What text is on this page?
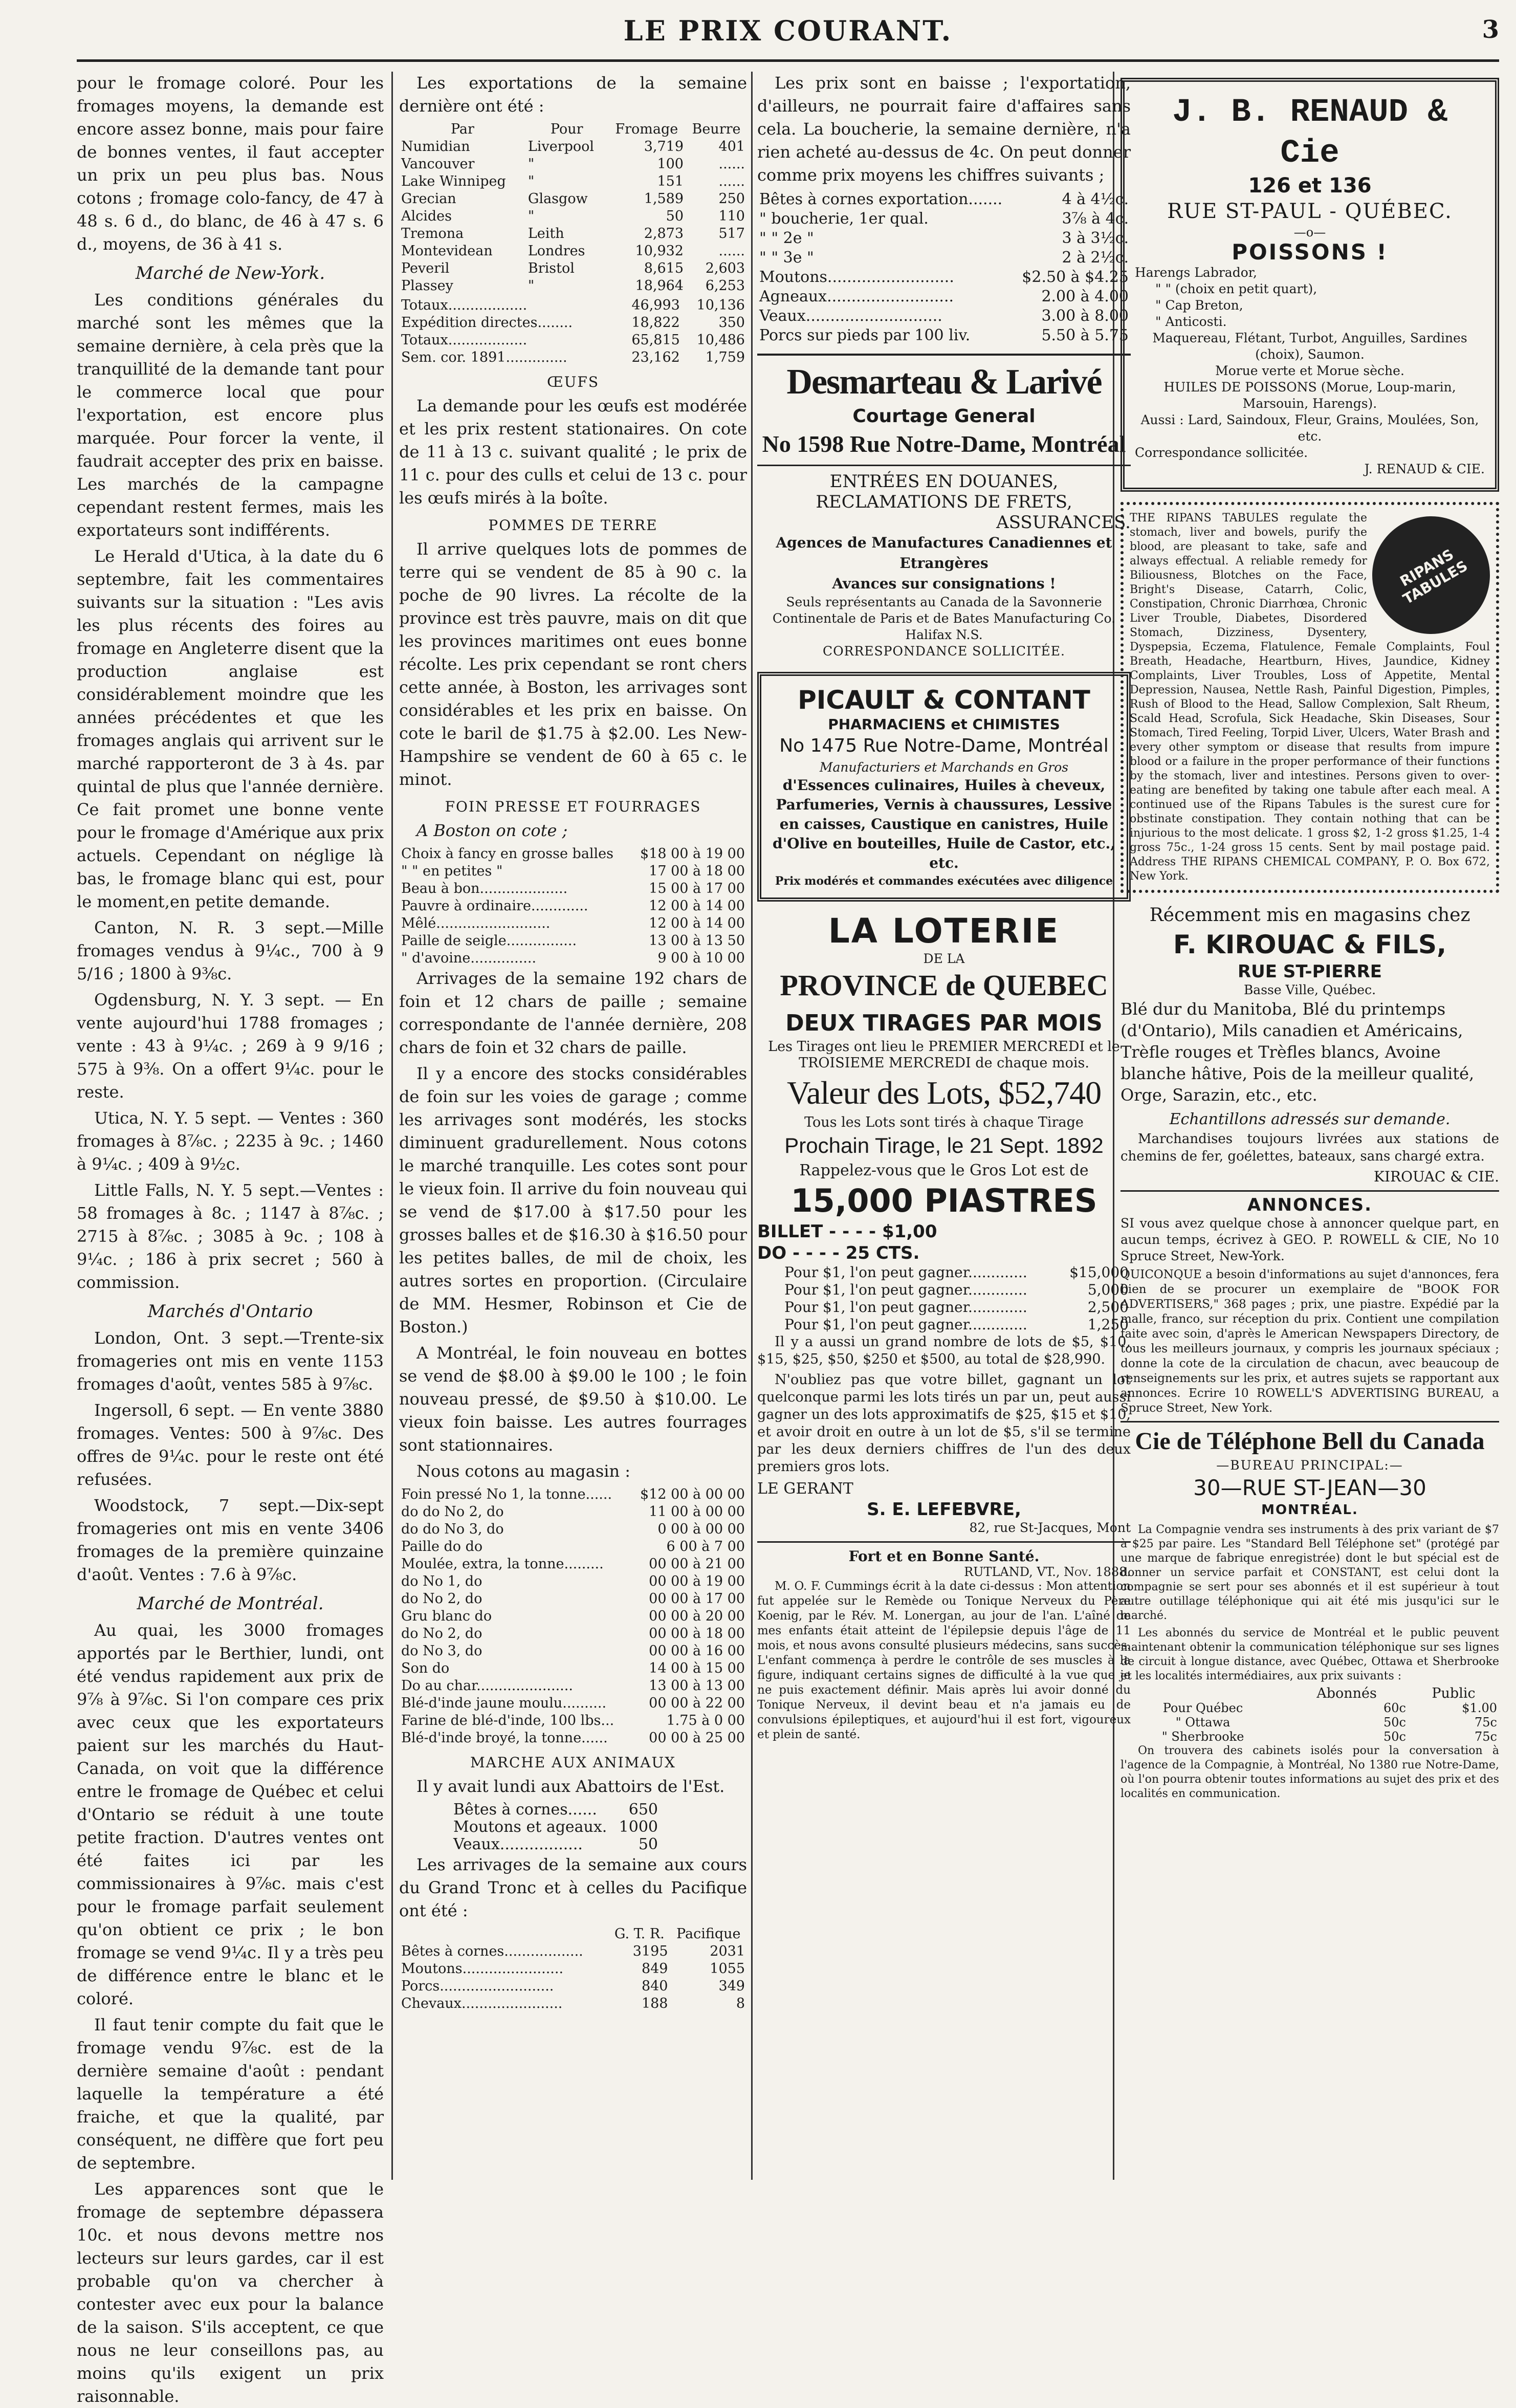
LE PRIX COURANT.	3

pour le fromage coloré. Pour les fromages moyens, la demande est encore assez bonne, mais pour faire de bonnes ventes, il faut accepter un prix un peu plus bas. Nous cotons ; fromage colo-fancy, de 47 à 48 s. 6 d., do blanc, de 46 à 47 s. 6 d., moyens, de 36 à 41 s.

Marché de New-York.

Les conditions générales du marché sont les mêmes que la semaine dernière, à cela près que la tranquillité de la demande tant pour le commerce local que pour l'exportation, est encore plus marquée. Pour forcer la vente, il faudrait accepter des prix en baisse. Les marchés de la campagne cependant restent fermes, mais les exportateurs sont indifférents.

Le Herald d'Utica, à la date du 6 septembre, fait les commentaires suivants sur la situation : "Les avis les plus récents des foires au fromage en Angleterre disent que la production anglaise est considérablement moindre que les années précédentes et que les fromages anglais qui arrivent sur le marché rapporteront de 3 à 4s. par quintal de plus que l'année dernière. Ce fait promet une bonne vente pour le fromage d'Amérique aux prix actuels. Cependant on néglige là bas, le fromage blanc qui est, pour le moment,en petite demande.

Canton, N. R. 3 sept.—Mille fromages vendus à 9¼c., 700 à 9 5/16 ; 1800 à 9⅜c.

Ogdensburg, N. Y. 3 sept. — En vente aujourd'hui 1788 fromages ; vente : 43 à 9¼c. ; 269 à 9 9/16 ; 575 à 9⅜. On a offert 9¼c. pour le reste.

Utica, N. Y. 5 sept. — Ventes : 360 fromages à 8⅞c. ; 2235 à 9c. ; 1460 à 9¼c. ; 409 à 9½c.

Little Falls, N. Y. 5 sept.—Ventes : 58 fromages à 8c. ; 1147 à 8⅞c. ; 2715 à 8⅞c. ; 3085 à 9c. ; 108 à 9¼c. ; 186 à prix secret ; 560 à commission.

Marchés d'Ontario

London, Ont. 3 sept.—Trente-six fromageries ont mis en vente 1153 fromages d'août, ventes 585 à 9⅞c.

Ingersoll, 6 sept. — En vente 3880 fromages. Ventes: 500 à 9⅞c. Des offres de 9¼c. pour le reste ont été refusées.

Woodstock, 7 sept.—Dix-sept fromageries ont mis en vente 3406 fromages de la première quinzaine d'août. Ventes : 7.6 à 9⅞c.

Marché de Montréal.

Au quai, les 3000 fromages apportés par le Berthier, lundi, ont été vendus rapidement aux prix de 9⅞ à 9⅞c. Si l'on compare ces prix avec ceux que les exportateurs paient sur les marchés du Haut-Canada, on voit que la différence entre le fromage de Québec et celui d'Ontario se réduit à une toute petite fraction. D'autres ventes ont été faites ici par les commissionaires à 9⅞c. mais c'est pour le fromage parfait seulement qu'on obtient ce prix ; le bon fromage se vend 9¼c. Il y a très peu de différence entre le blanc et le coloré.

Il faut tenir compte du fait que le fromage vendu 9⅞c. est de la dernière semaine d'août : pendant laquelle la température a été fraiche, et que la qualité, par conséquent, ne diffère que fort peu de septembre.

Les apparences sont que le fromage de septembre dépassera 10c. et nous devons mettre nos lecteurs sur leurs gardes, car il est probable qu'on va chercher à contester avec eux pour la balance de la saison. S'ils acceptent, ce que nous ne leur conseillons pas, au moins qu'ils exigent un prix raisonnable.

Les exportations de la semaine dernière ont été :

Par	Pour	Fromage	Beurre
Numidian	Liverpool	3,719	401
Vancouver	"	100	......
Lake Winnipeg	"	151	......
Grecian	Glasgow	1,589	250
Alcides	"	50	110
Tremona	Leith	2,873	517
Montevidean	Londres	10,932	......
Peveril	Bristol	8,615	2,603
Plassey	"	18,964	6,253
Totaux..................	46,993	10,136
Expédition directes........	18,822	350
Totaux..................	65,815	10,486
Sem. cor. 1891..............	23,162	1,759
ŒUFS

La demande pour les œufs est modérée et les prix restent stationaires. On cote de 11 à 13 c. suivant qualité ; le prix de 11 c. pour des culls et celui de 13 c. pour les œufs mirés à la boîte.

POMMES DE TERRE

Il arrive quelques lots de pommes de terre qui se vendent de 85 à 90 c. la poche de 90 livres. La récolte de la province est très pauvre, mais on dit que les provinces maritimes ont eues bonne récolte. Les prix cependant se ront chers cette année, à Boston, les arrivages sont considérables et les prix en baisse. On cote le baril de $1.75 à $2.00. Les New-Hampshire se vendent de 60 à 65 c. le minot.

FOIN PRESSE ET FOURRAGES

A Boston on cote ;

Choix à fancy en grosse balles	$18 00 à 19 00
" " en petites "	17 00 à 18 00
Beau à bon....................	15 00 à 17 00
Pauvre à ordinaire.............	12 00 à 14 00
Mêlé..........................	12 00 à 14 00
Paille de seigle................	13 00 à 13 50
" d'avoine...............	9 00 à 10 00

Arrivages de la semaine 192 chars de foin et 12 chars de paille ; semaine correspondante de l'année dernière, 208 chars de foin et 32 chars de paille.

Il y a encore des stocks considérables de foin sur les voies de garage ; comme les arrivages sont modérés, les stocks diminuent gradurellement. Nous cotons le marché tranquille. Les cotes sont pour le vieux foin. Il arrive du foin nouveau qui se vend de $17.00 à $17.50 pour les grosses balles et de $16.30 à $16.50 pour les petites balles, de mil de choix, les autres sortes en proportion. (Circulaire de MM. Hesmer, Robinson et Cie de Boston.)

A Montréal, le foin nouveau en bottes se vend de $8.00 à $9.00 le 100 ; le foin nouveau pressé, de $9.50 à $10.00. Le vieux foin baisse. Les autres fourrages sont stationnaires.

Nous cotons au magasin :

Foin pressé No 1, la tonne......	$12 00 à 00 00
do do No 2, do	11 00 à 00 00
do do No 3, do	0 00 à 00 00
Paille do do	6 00 à 7 00
Moulée, extra, la tonne.........	00 00 à 21 00
do No 1, do	00 00 à 19 00
do No 2, do	00 00 à 17 00
Gru blanc do	00 00 à 20 00
do No 2, do	00 00 à 18 00
do No 3, do	00 00 à 16 00
Son do	14 00 à 15 00
Do au char......................	13 00 à 13 00
Blé-d'inde jaune moulu..........	00 00 à 22 00
Farine de blé-d'inde, 100 lbs...	1.75 à 0 00
Blé-d'inde broyé, la tonne......	00 00 à 25 00
MARCHE AUX ANIMAUX

Il y avait lundi aux Abattoirs de l'Est.

Bêtes à cornes......	650
Moutons et ageaux.	1000
Veaux.................	50

Les arrivages de la semaine aux cours du Grand Tronc et à celles du Pacifique ont été :

	G. T. R.	Pacifique
Bêtes à cornes..................	3195	2031
Moutons.......................	849	1055
Porcs..........................	840	349
Chevaux.......................	188	8

Les prix sont en baisse ; l'exportation, d'ailleurs, ne pourrait faire d'affaires sans cela. La boucherie, la semaine dernière, n'a rien acheté au-dessus de 4c. On peut donner comme prix moyens les chiffres suivants ;

Bêtes à cornes exportation.......	4 à 4½c.
" boucherie, 1er qual.	3⅞ à 4c.
" " 2e "	3 à 3½c.
" " 3e "	2 à 2½c.
Moutons..........................	$2.50 à $4.25
Agneaux..........................	2.00 à 4.00
Veaux............................	3.00 à 8.00
Porcs sur pieds par 100 liv.	5.50 à 5.75
Desmarteau & Larivé
Courtage General
No 1598 Rue Notre-Dame, Montréal
ENTRÉES EN DOUANES,
RECLAMATIONS DE FRETS,
ASSURANCES.
Agences de Manufactures Canadiennes et Etrangères
Avances sur consignations !
Seuls représentants au Canada de la Savonnerie Continentale de Paris et de Bates Manufacturing Co. Halifax N.S.
CORRESPONDANCE SOLLICITÉE.
PICAULT & CONTANT
PHARMACIENS et CHIMISTES
No 1475 Rue Notre-Dame, Montréal
Manufacturiers et Marchands en Gros
d'Essences culinaires, Huiles à cheveux, Parfumeries, Vernis à chaussures, Lessive en caisses, Caustique en canistres, Huile d'Olive en bouteilles, Huile de Castor, etc., etc.
Prix modérés et commandes exécutées avec diligence
LA LOTERIE
DE LA
PROVINCE de QUEBEC
DEUX TIRAGES PAR MOIS
Les Tirages ont lieu le PREMIER MERCREDI et le TROISIEME MERCREDI de chaque mois.
Valeur des Lots, $52,740
Tous les Lots sont tirés à chaque Tirage
Prochain Tirage, le 21 Sept. 1892
Rappelez-vous que le Gros Lot est de
15,000 PIASTRES
BILLET - - - - $1,00
DO - - - - 25 CTS.
Pour $1, l'on peut gagner.............	$15,000
Pour $1, l'on peut gagner.............	5,000
Pour $1, l'on peut gagner.............	2,500
Pour $1, l'on peut gagner.............	1,250

Il y a aussi un grand nombre de lots de $5, $10, $15, $25, $50, $250 et $500, au total de $28,990.

N'oubliez pas que votre billet, gagnant un lot quelconque parmi les lots tirés un par un, peut aussi gagner un des lots approximatifs de $25, $15 et $10, et avoir droit en outre à un lot de $5, s'il se termine par les deux derniers chiffres de l'un des deux premiers gros lots.

LE GERANT
S. E. LEFEBVRE,
82, rue St-Jacques, Mont
Fort et en Bonne Santé.
RUTLAND, VT., Nov. 1888.

M. O. F. Cummings écrit à la date ci-dessus : Mon attention fut appelée sur le Remède ou Tonique Nerveux du Père Koenig, par le Rév. M. Lonergan, au jour de l'an. L'aîné de mes enfants était atteint de l'épilepsie depuis l'âge de 11 mois, et nous avons consulté plusieurs médecins, sans succès. L'enfant commença à perdre le contrôle de ses muscles à la figure, indiquant certains signes de difficulté à la vue que je ne puis exactement définir. Mais après lui avoir donné du Tonique Nerveux, il devint beau et n'a jamais eu de convulsions épileptiques, et aujourd'hui il est fort, vigoureux et plein de santé.

J. B. RENAUD & Cie
126 et 136
RUE ST-PAUL - QUÉBEC.
—o—
POISSONS !
Harengs Labrador,
" " (choix en petit quart),
" Cap Breton,
" Anticosti.
Maquereau, Flétant, Turbot, Anguilles, Sardines (choix), Saumon.
Morue verte et Morue sèche.
HUILES DE POISSONS (Morue, Loup-marin, Marsouin, Harengs).
Aussi : Lard, Saindoux, Fleur, Grains, Moulées, Son, etc.
Correspondance sollicitée.
J. RENAUD & CIE.
RIPANS TABULES
THE RIPANS TABULES regulate the stomach, liver and bowels, purify the blood, are pleasant to take, safe and always effectual. A reliable remedy for Biliousness, Blotches on the Face, Bright's Disease, Catarrh, Colic, Constipation, Chronic Diarrhœa, Chronic Liver Trouble, Diabetes, Disordered Stomach, Dizziness, Dysentery, Dyspepsia, Eczema, Flatulence, Female Complaints, Foul Breath, Headache, Heartburn, Hives, Jaundice, Kidney Complaints, Liver Troubles, Loss of Appetite, Mental Depression, Nausea, Nettle Rash, Painful Digestion, Pimples, Rush of Blood to the Head, Sallow Complexion, Salt Rheum, Scald Head, Scrofula, Sick Headache, Skin Diseases, Sour Stomach, Tired Feeling, Torpid Liver, Ulcers, Water Brash and every other symptom or disease that results from impure blood or a failure in the proper performance of their functions by the stomach, liver and intestines. Persons given to over-eating are benefited by taking one tabule after each meal. A continued use of the Ripans Tabules is the surest cure for obstinate constipation. They contain nothing that can be injurious to the most delicate. 1 gross $2, 1-2 gross $1.25, 1-4 gross 75c., 1-24 gross 15 cents. Sent by mail postage paid. Address THE RIPANS CHEMICAL COMPANY, P. O. Box 672, New York.
Récemment mis en magasins chez
F. KIROUAC & FILS,
RUE ST-PIERRE
Basse Ville, Québec.

Blé dur du Manitoba, Blé du printemps (d'Ontario), Mils canadien et Américains, Trèfle rouges et Trèfles blancs, Avoine blanche hâtive, Pois de la meilleur qualité, Orge, Sarazin, etc., etc.

Echantillons adressés sur demande.

Marchandises toujours livrées aux stations de chemins de fer, goélettes, bateaux, sans chargé extra.

KIROUAC & CIE.
ANNONCES.

SI vous avez quelque chose à annoncer quelque part, en aucun temps, écrivez à GEO. P. ROWELL & CIE, No 10 Spruce Street, New-York.

QUICONQUE a besoin d'informations au sujet d'annonces, fera bien de se procurer un exemplaire de "BOOK FOR ADVERTISERS," 368 pages ; prix, une piastre. Expédié par la malle, franco, sur réception du prix. Contient une compilation faite avec soin, d'après le American Newspapers Directory, de tous les meilleurs journaux, y compris les journaux spéciaux ; donne la cote de la circulation de chacun, avec beaucoup de renseignements sur les prix, et autres sujets se rapportant aux annonces. Ecrire 10 ROWELL'S ADVERTISING BUREAU, a Spruce Street, New York.

Cie de Téléphone Bell du Canada
—BUREAU PRINCIPAL:—
30—RUE ST-JEAN—30
MONTRÉAL.

La Compagnie vendra ses instruments à des prix variant de $7 à $25 par paire. Les "Standard Bell Téléphone set" (protégé par une marque de fabrique enregistrée) dont le but spécial est de donner un service parfait et CONSTANT, est celui dont la compagnie se sert pour ses abonnés et il est supérieur à tout autre outillage téléphonique qui ait été mis jusqu'ici sur le marché.

Les abonnés du service de Montréal et le public peuvent maintenant obtenir la communication téléphonique sur ses lignes de circuit à longue distance, avec Québec, Ottawa et Sherbrooke et les localités intermédiaires, aux prix suivants :

	Abonnés	Public
Pour Québec	60c	$1.00
" Ottawa	50c	75c
" Sherbrooke	50c	75c

On trouvera des cabinets isolés pour la conversation à l'agence de la Compagnie, à Montréal, No 1380 rue Notre-Dame, où l'on pourra obtenir toutes informations au sujet des prix et des localités en communication.
